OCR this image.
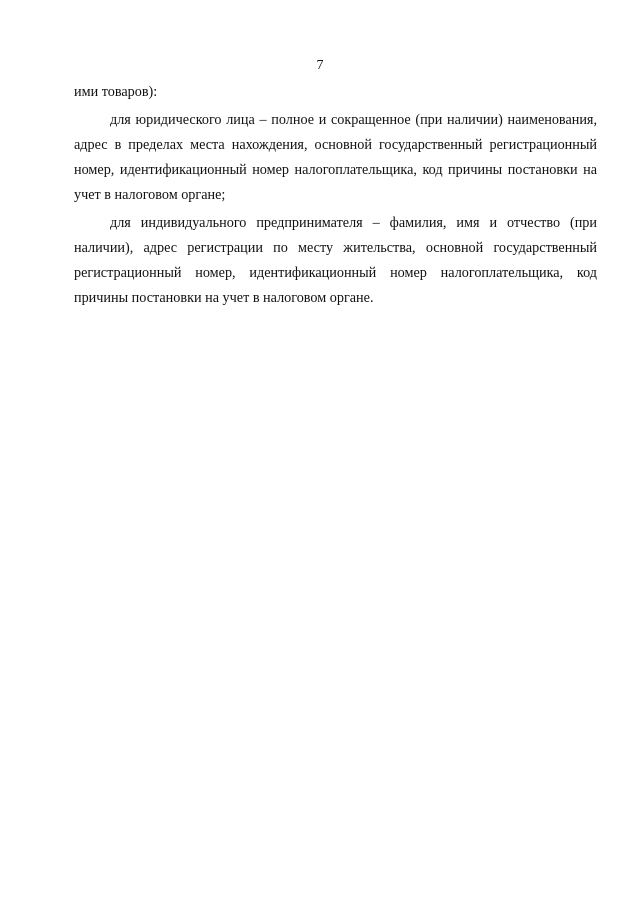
7

ими товаров):

для юридического лица – полное и сокращенное (при наличии) наименования, адрес в пределах места нахождения, основной государственный регистрационный номер, идентификационный номер налогоплательщика, код причины постановки на учет в налоговом органе;

для индивидуального предпринимателя – фамилия, имя и отчество (при наличии), адрес регистрации по месту жительства, основной государственный регистрационный номер, идентификационный номер налогоплательщика, код причины постановки на учет в налоговом органе.
